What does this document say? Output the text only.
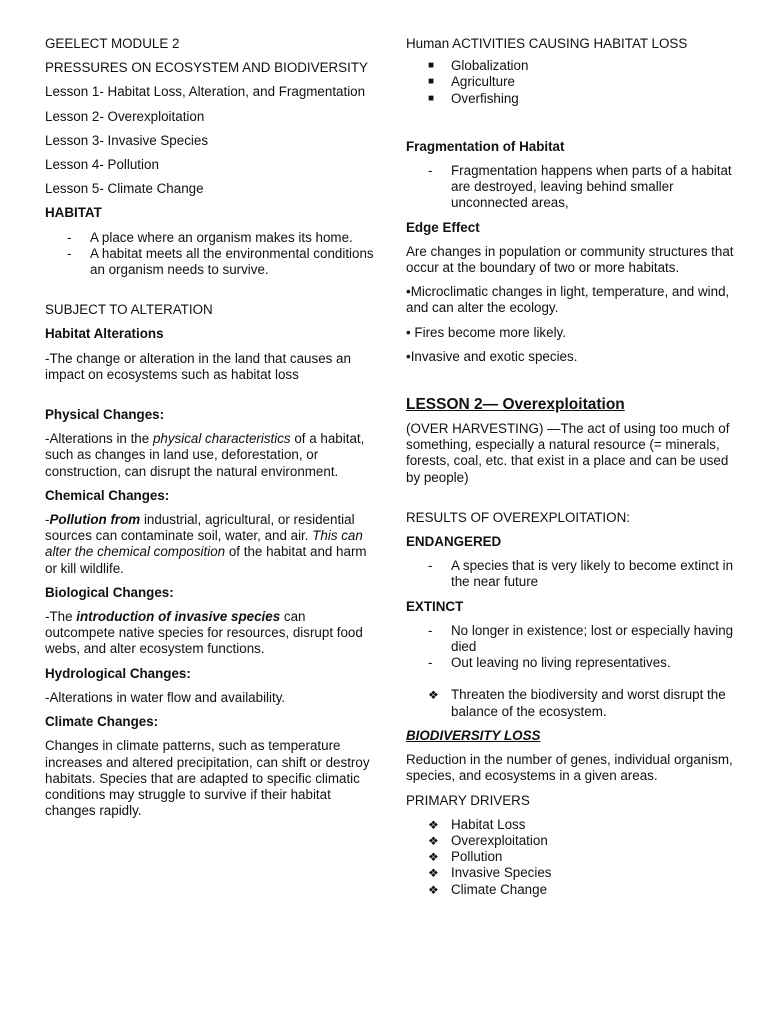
GEELECT MODULE 2

PRESSURES ON ECOSYSTEM AND BIODIVERSITY

Lesson 1- Habitat Loss, Alteration, and Fragmentation

Lesson 2- Overexploitation

Lesson 3- Invasive Species

Lesson 4- Pollution

Lesson 5- Climate Change

HABITAT

- A place where an organism makes its home.
- A habitat meets all the environmental conditions an organism needs to survive.

SUBJECT TO ALTERATION

Habitat Alterations

-The change or alteration in the land that causes an impact on ecosystems such as habitat loss

Physical Changes:

-Alterations in the physical characteristics of a habitat, such as changes in land use, deforestation, or construction, can disrupt the natural environment.

Chemical Changes:

-Pollution from industrial, agricultural, or residential sources can contaminate soil, water, and air. This can alter the chemical composition of the habitat and harm or kill wildlife.

Biological Changes:

-The introduction of invasive species can outcompete native species for resources, disrupt food webs, and alter ecosystem functions.

Hydrological Changes:

-Alterations in water flow and availability.

Climate Changes:

Changes in climate patterns, such as temperature increases and altered precipitation, can shift or destroy habitats. Species that are adapted to specific climatic conditions may struggle to survive if their habitat changes rapidly.

Human ACTIVITIES CAUSING HABITAT LOSS

■ Globalization
■ Agriculture
■ Overfishing

Fragmentation of Habitat

- Fragmentation happens when parts of a habitat are destroyed, leaving behind smaller unconnected areas,

Edge Effect

Are changes in population or community structures that occur at the boundary of two or more habitats.

•Microclimatic changes in light, temperature, and wind, and can alter the ecology.

• Fires become more likely.

•Invasive and exotic species.

LESSON 2— Overexploitation

(OVER HARVESTING) —The act of using too much of something, especially a natural resource (= minerals, forests, coal, etc. that exist in a place and can be used by people)

RESULTS OF OVEREXPLOITATION:

ENDANGERED

- A species that is very likely to become extinct in the near future

EXTINCT

- No longer in existence; lost or especially having died
- Out leaving no living representatives.
❖ Threaten the biodiversity and worst disrupt the balance of the ecosystem.

BIODIVERSITY LOSS

Reduction in the number of genes, individual organism, species, and ecosystems in a given areas.

PRIMARY DRIVERS

❖ Habitat Loss
❖ Overexploitation
❖ Pollution
❖ Invasive Species
❖ Climate Change
